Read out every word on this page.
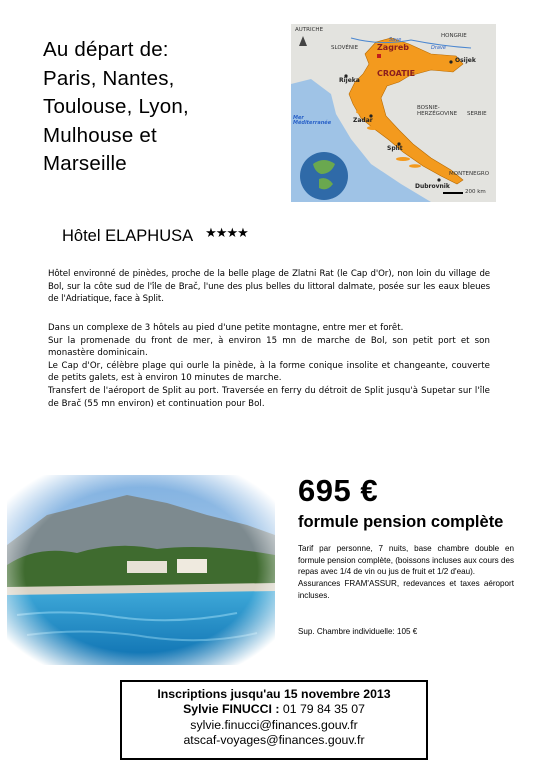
Au départ de:
Paris, Nantes,
Toulouse, Lyon,
Mulhouse et
Marseille
AUTRICHE
SLOVÉNIE
HONGRIE
Save
Drave
Zagreb
Osijek
Rijeka
CROATIE
Mer Méditerranée
BOSNIE-HERZÉGOVINE
Zadar
SERBIE
Split
MONTENEGRO
Dubrovnik
200 km
Hôtel ELAPHUSA ★★★★
Hôtel environné de pinèdes, proche de la belle plage de Zlatni Rat (le Cap d'Or), non loin du village de Bol, sur la côte sud de l'île de Brač, l'une des plus belles du littoral dalmate, posée sur les eaux bleues de l'Adriatique, face à Split.
Dans un complexe de 3 hôtels au pied d'une petite montagne, entre mer et forêt.
Sur la promenade du front de mer, à environ 15 mn de marche de Bol, son petit port et son monastère dominicain.
Le Cap d'Or, célèbre plage qui ourle la pinède, à la forme conique insolite et changeante, couverte de petits galets, est à environ 10 minutes de marche.
Transfert de l'aéroport de Split au port. Traversée en ferry du détroit de Split jusqu'à Supetar sur l'île de Brač (55 mn environ) et continuation pour Bol.
695 €
formule pension complète
Tarif par personne, 7 nuits, base chambre double en formule pension complète, (boissons incluses aux cours des repas avec 1/4 de vin ou jus de fruit et 1/2 d'eau).
Assurances FRAM'ASSUR, redevances et taxes aéroport incluses.
Sup. Chambre individuelle: 105 €
Inscriptions jusqu'au 15 novembre 2013
Sylvie FINUCCI : 01 79 84 35 07
sylvie.finucci@finances.gouv.fr
atscaf-voyages@finances.gouv.fr
